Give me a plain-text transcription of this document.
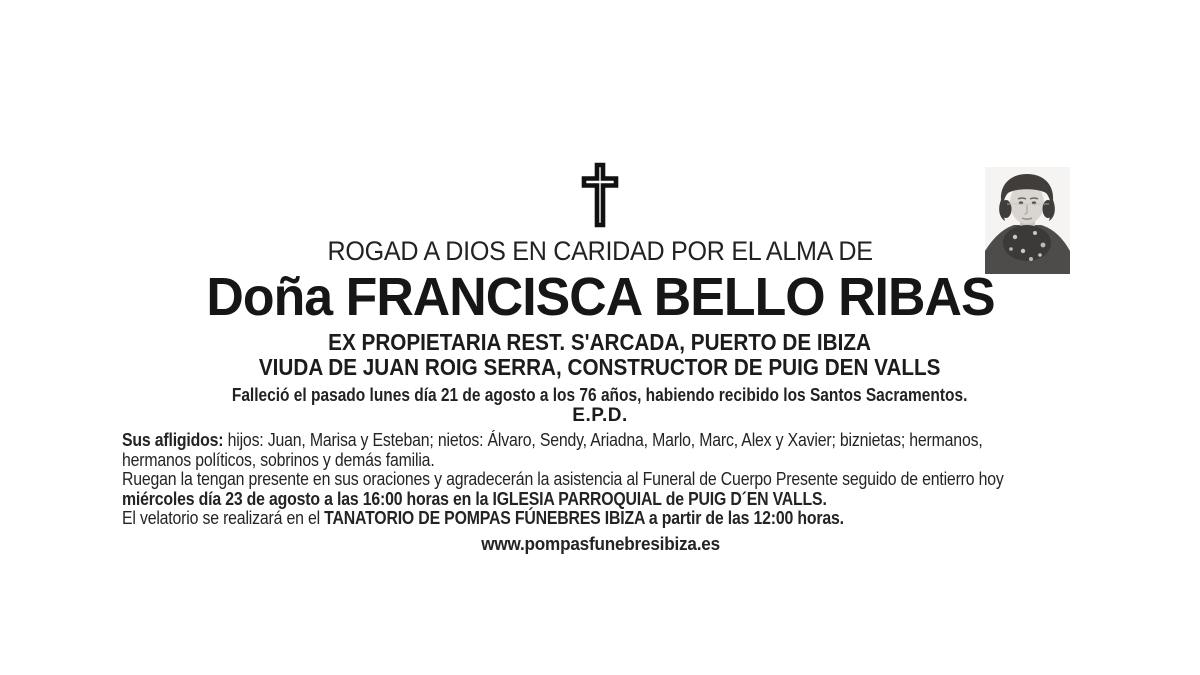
ROGAD A DIOS EN CARIDAD POR EL ALMA DE
Doña FRANCISCA BELLO RIBAS
EX PROPIETARIA REST. S'ARCADA, PUERTO DE IBIZA
VIUDA DE JUAN ROIG SERRA, CONSTRUCTOR DE PUIG DEN VALLS
Falleció el pasado lunes día 21 de agosto a los 76 años, habiendo recibido los Santos Sacramentos.
E.P.D.
Sus afligidos: hijos: Juan, Marisa y Esteban; nietos: Álvaro, Sendy, Ariadna, Marlo, Marc, Alex y Xavier; biznietas; hermanos,
hermanos políticos, sobrinos y demás familia.
Ruegan la tengan presente en sus oraciones y agradecerán la asistencia al Funeral de Cuerpo Presente seguido de entierro hoy
miércoles día 23 de agosto a las 16:00 horas en la IGLESIA PARROQUIAL de PUIG D´EN VALLS.
El velatorio se realizará en el TANATORIO DE POMPAS FÚNEBRES IBIZA a partir de las 12:00 horas.
www.pompasfunebresibiza.es
